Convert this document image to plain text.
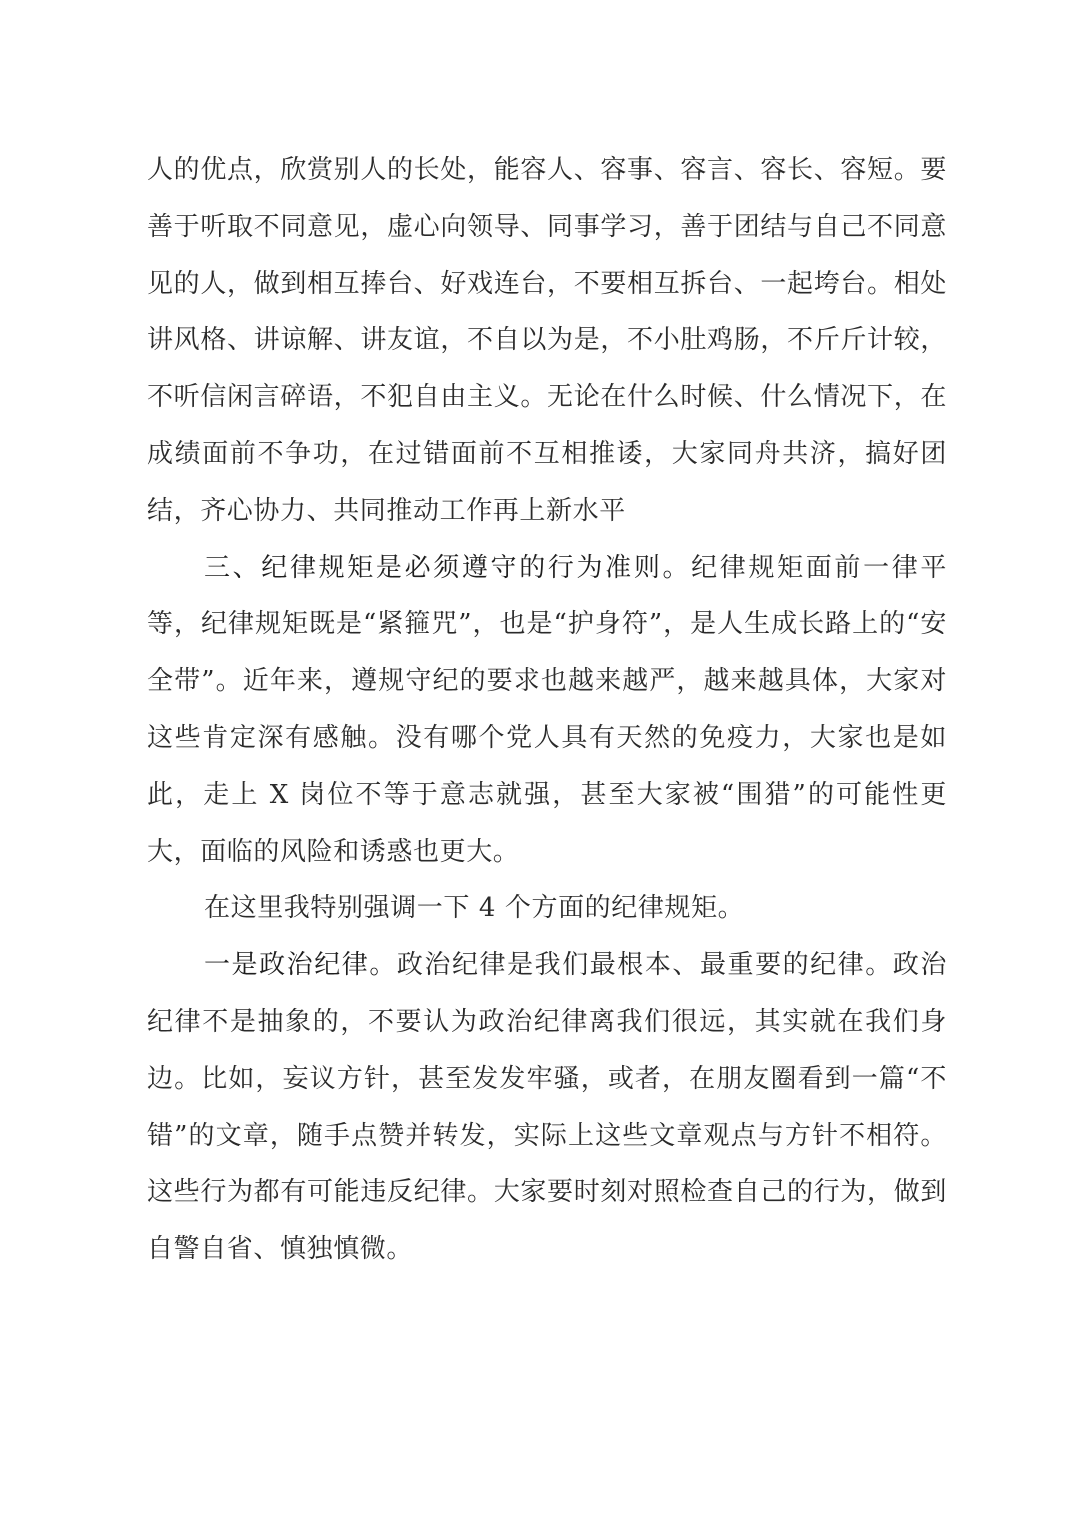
人的优点，欣赏别人的长处，能容人、容事、容言、容长、容短。要善于听取不同意见，虚心向领导、同事学习，善于团结与自己不同意见的人，做到相互捧台、好戏连台，不要相互拆台、一起垮台。相处讲风格、讲谅解、讲友谊，不自以为是，不小肚鸡肠，不斤斤计较，不听信闲言碎语，不犯自由主义。无论在什么时候、什么情况下，在成绩面前不争功，在过错面前不互相推诿，大家同舟共济，搞好团结，齐心协力、共同推动工作再上新水平

三、纪律规矩是必须遵守的行为准则。纪律规矩面前一律平等，纪律规矩既是“紧箍咒”，也是“护身符”，是人生成长路上的“安全带”。近年来，遵规守纪的要求也越来越严，越来越具体，大家对这些肯定深有感触。没有哪个党人具有天然的免疫力，大家也是如此，走上 X 岗位不等于意志就强，甚至大家被“围猎”的可能性更大，面临的风险和诱惑也更大。

在这里我特别强调一下 4 个方面的纪律规矩。

一是政治纪律。政治纪律是我们最根本、最重要的纪律。政治纪律不是抽象的，不要认为政治纪律离我们很远，其实就在我们身边。比如，妄议方针，甚至发发牢骚，或者，在朋友圈看到一篇“不错”的文章，随手点赞并转发，实际上这些文章观点与方针不相符。这些行为都有可能违反纪律。大家要时刻对照检查自己的行为，做到自警自省、慎独慎微。
